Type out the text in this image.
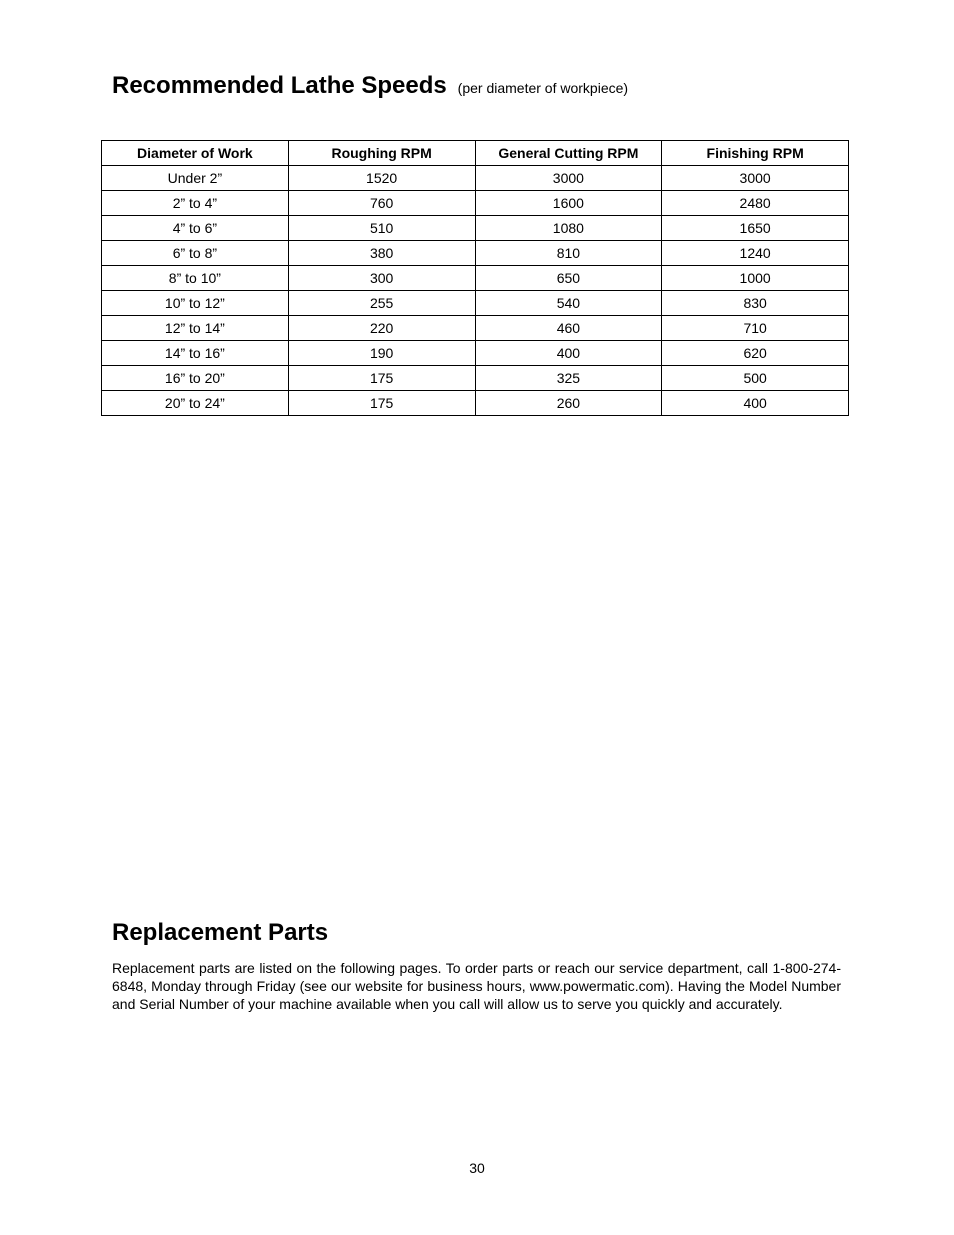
Recommended Lathe Speeds (per diameter of workpiece)
Diameter of Work	Roughing RPM	General Cutting RPM	Finishing RPM
Under 2”	1520	3000	3000
2” to 4”	760	1600	2480
4” to 6”	510	1080	1650
6” to 8”	380	810	1240
8” to 10”	300	650	1000
10” to 12”	255	540	830
12” to 14”	220	460	710
14” to 16”	190	400	620
16” to 20”	175	325	500
20” to 24”	175	260	400
Replacement Parts

Replacement parts are listed on the following pages. To order parts or reach our service department, call 1-800-274-6848, Monday through Friday (see our website for business hours, www.powermatic.com). Having the Model Number and Serial Number of your machine available when you call will allow us to serve you quickly and accurately.

30
